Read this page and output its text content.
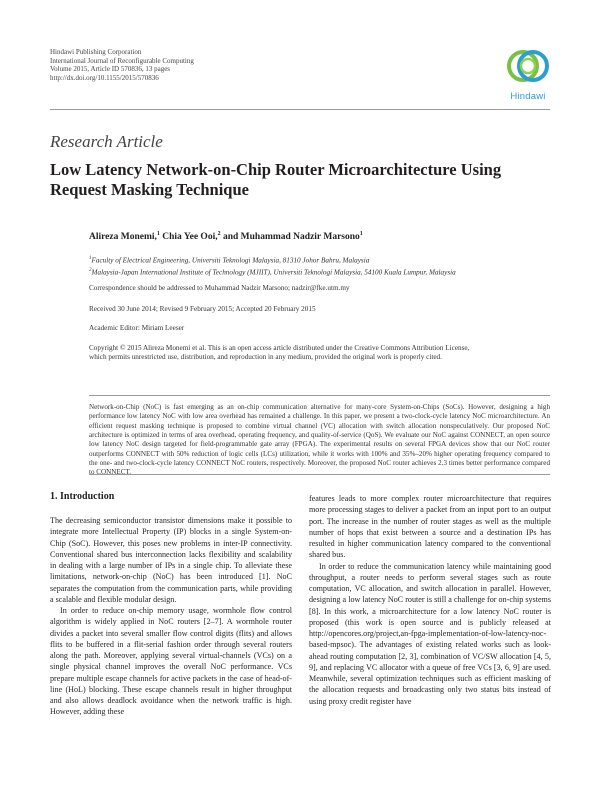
Hindawi Publishing Corporation
International Journal of Reconfigurable Computing
Volume 2015, Article ID 570836, 13 pages
http://dx.doi.org/10.1155/2015/570836
Hindawi
Research Article
Low Latency Network-on-Chip Router Microarchitecture Using
Request Masking Technique
Alireza Monemi,$^1$ Chia Yee Ooi,$^2$ and Muhammad Nadzir Marsono$^1$
$^1$Faculty of Electrical Engineering, Universiti Teknologi Malaysia, 81310 Johor Bahru, Malaysia
$^2$Malaysia-Japan International Institute of Technology (MJIIT), Universiti Teknologi Malaysia, 54100 Kuala Lumpur, Malaysia
Correspondence should be addressed to Muhammad Nadzir Marsono; nadzir@fke.utm.my
Received 30 June 2014; Revised 9 February 2015; Accepted 20 February 2015
Academic Editor: Miriam Leeser
Copyright © 2015 Alireza Monemi et al. This is an open access article distributed under the Creative Commons Attribution License,
which permits unrestricted use, distribution, and reproduction in any medium, provided the original work is properly cited.
Network-on-Chip (NoC) is fast emerging as an on-chip communication alternative for many-core System-on-Chips (SoCs). However, designing a high performance low latency NoC with low area overhead has remained a challenge. In this paper, we present a two-clock-cycle latency NoC microarchitecture. An efficient request masking technique is proposed to combine virtual channel (VC) allocation with switch allocation nonspeculatively. Our proposed NoC architecture is optimized in terms of area overhead, operating frequency, and quality-of-service (QoS). We evaluate our NoC against CONNECT, an open source low latency NoC design targeted for field-programmable gate array (FPGA). The experimental results on several FPGA devices show that our NoC router outperforms CONNECT with 50% reduction of logic cells (LCs) utilization, while it works with 100% and 35%–20% higher operating frequency compared to the one- and two-clock-cycle latency CONNECT NoC routers, respectively. Moreover, the proposed NoC router achieves 2.3 times better performance compared to CONNECT.
1. Introduction

The decreasing semiconductor transistor dimensions make it possible to integrate more Intellectual Property (IP) blocks in a single System-on-Chip (SoC). However, this poses new problems in inter-IP connectivity. Conventional shared bus interconnection lacks flexibility and scalability in dealing with a large number of IPs in a single chip. To alleviate these limitations, network-on-chip (NoC) has been introduced [1]. NoC separates the computation from the communication parts, while providing a scalable and flexible modular design.

In order to reduce on-chip memory usage, wormhole flow control algorithm is widely applied in NoC routers [2–7]. A wormhole router divides a packet into several smaller flow control digits (flits) and allows flits to be buffered in a flit-serial fashion order through several routers along the path. Moreover, applying several virtual-channels (VCs) on a single physical channel improves the overall NoC performance. VCs prepare multiple escape channels for active packets in the case of head-of-line (HoL) blocking. These escape channels result in higher throughput and also allows deadlock avoidance when the network traffic is high. However, adding these

features leads to more complex router microarchitecture that requires more processing stages to deliver a packet from an input port to an output port. The increase in the number of router stages as well as the multiple number of hops that exist between a source and a destination IPs has resulted in higher communication latency compared to the conventional shared bus.

In order to reduce the communication latency while maintaining good throughput, a router needs to perform several stages such as route computation, VC allocation, and switch allocation in parallel. However, designing a low latency NoC router is still a challenge for on-chip systems [8]. In this work, a microarchitecture for a low latency NoC router is proposed (this work is open source and is publicly released at http://opencores.org/project,an-fpga-implementation-of-low-latency-noc-based-mpsoc). The advantages of existing related works such as look-ahead routing computation [2, 3], combination of VC/SW allocation [4, 5, 9], and replacing VC allocator with a queue of free VCs [3, 6, 9] are used. Meanwhile, several optimization techniques such as efficient masking of the allocation requests and broadcasting only two status bits instead of using proxy credit register have
